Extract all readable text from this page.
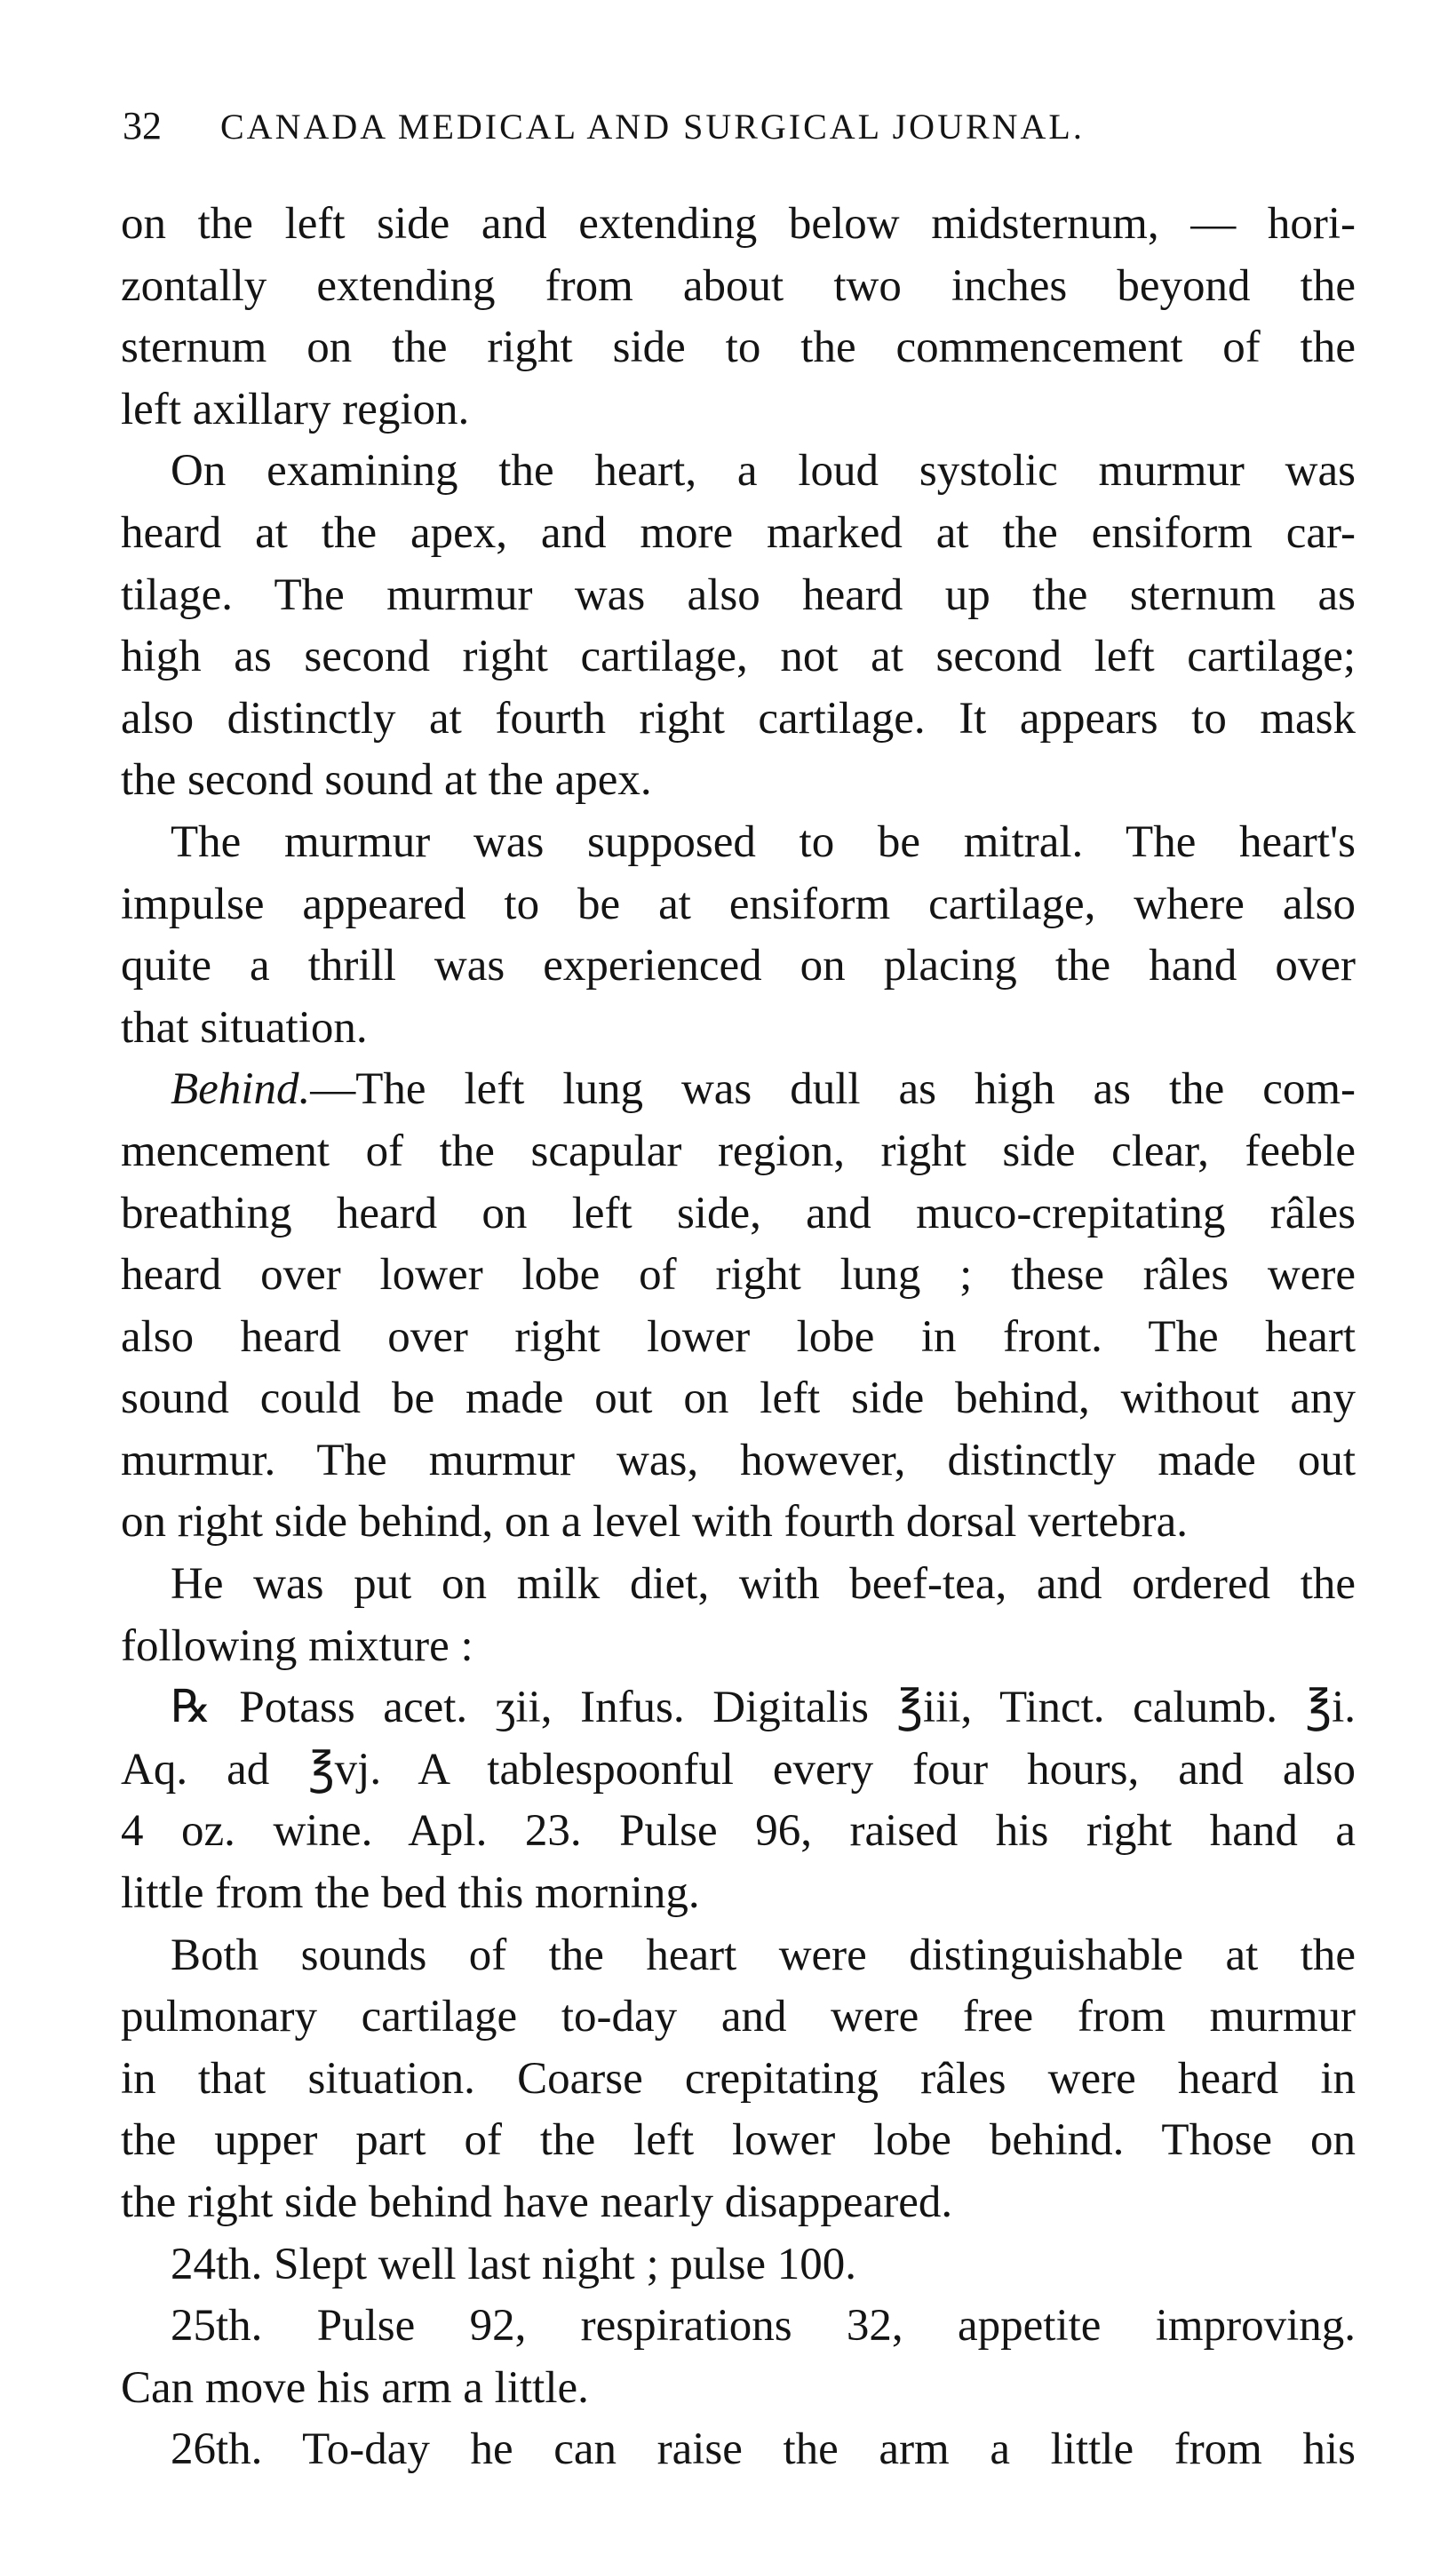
32 CANADA MEDICAL AND SURGICAL JOURNAL.
on the left side and extending below midsternum, — hori-
zontally extending from about two inches beyond the
sternum on the right side to the commencement of the
left axillary region.
On examining the heart, a loud systolic murmur was
heard at the apex, and more marked at the ensiform car-
tilage. The murmur was also heard up the sternum as
high as second right cartilage, not at second left cartilage;
also distinctly at fourth right cartilage. It appears to mask
the second sound at the apex.
The murmur was supposed to be mitral. The heart's
impulse appeared to be at ensiform cartilage, where also
quite a thrill was experienced on placing the hand over
that situation.
Behind.—The left lung was dull as high as the com-
mencement of the scapular region, right side clear, feeble
breathing heard on left side, and muco-crepitating râles
heard over lower lobe of right lung ; these râles were
also heard over right lower lobe in front. The heart
sound could be made out on left side behind, without any
murmur. The murmur was, however, distinctly made out
on right side behind, on a level with fourth dorsal vertebra.
He was put on milk diet, with beef-tea, and ordered the
following mixture :
℞ Potass acet. ʒii, Infus. Digitalis ℥iii, Tinct. calumb. ℥i.
Aq. ad ℥vj. A tablespoonful every four hours, and also
4 oz. wine. Apl. 23. Pulse 96, raised his right hand a
little from the bed this morning.
Both sounds of the heart were distinguishable at the
pulmonary cartilage to-day and were free from murmur
in that situation. Coarse crepitating râles were heard in
the upper part of the left lower lobe behind. Those on
the right side behind have nearly disappeared.
24th. Slept well last night ; pulse 100.
25th. Pulse 92, respirations 32, appetite improving.
Can move his arm a little.
26th. To-day he can raise the arm a little from his
